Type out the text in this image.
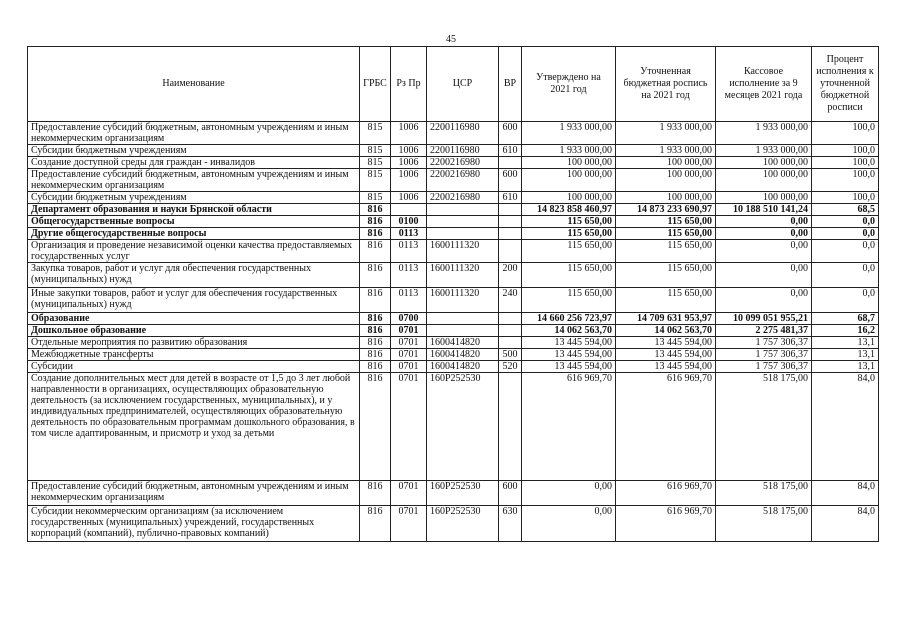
45
Наименование	ГРБС	Рз Пр	ЦСР	ВР	Утверждено на 2021 год	Уточненная бюджетная роспись на 2021 год	Кассовое исполнение за 9 месяцев 2021 года	Процент исполнения к уточненной бюджетной росписи
Предоставление субсидий бюджетным, автономным учреждениям и иным некоммерческим организациям	815	1006	2200116980	600	1 933 000,00	1 933 000,00	1 933 000,00	100,0
Субсидии бюджетным учреждениям	815	1006	2200116980	610	1 933 000,00	1 933 000,00	1 933 000,00	100,0
Создание доступной среды для граждан - инвалидов	815	1006	2200216980		100 000,00	100 000,00	100 000,00	100,0
Предоставление субсидий бюджетным, автономным учреждениям и иным некоммерческим организациям	815	1006	2200216980	600	100 000,00	100 000,00	100 000,00	100,0
Субсидии бюджетным учреждениям	815	1006	2200216980	610	100 000,00	100 000,00	100 000,00	100,0
Департамент образования и науки Брянской области	816				14 823 858 460,97	14 873 233 690,97	10 188 510 141,24	68,5
Общегосударственные вопросы	816	0100			115 650,00	115 650,00	0,00	0,0
Другие общегосударственные вопросы	816	0113			115 650,00	115 650,00	0,00	0,0
Организация и проведение независимой оценки качества предоставляемых государственных услуг	816	0113	1600111320		115 650,00	115 650,00	0,00	0,0
Закупка товаров, работ и услуг для обеспечения государственных (муниципальных) нужд	816	0113	1600111320	200	115 650,00	115 650,00	0,00	0,0
Иные закупки товаров, работ и услуг для обеспечения государственных (муниципальных) нужд	816	0113	1600111320	240	115 650,00	115 650,00	0,00	0,0
Образование	816	0700			14 660 256 723,97	14 709 631 953,97	10 099 051 955,21	68,7
Дошкольное образование	816	0701			14 062 563,70	14 062 563,70	2 275 481,37	16,2
Отдельные мероприятия по развитию образования	816	0701	1600414820		13 445 594,00	13 445 594,00	1 757 306,37	13,1
Межбюджетные трансферты	816	0701	1600414820	500	13 445 594,00	13 445 594,00	1 757 306,37	13,1
Субсидии	816	0701	1600414820	520	13 445 594,00	13 445 594,00	1 757 306,37	13,1
Создание дополнительных мест для детей в возрасте от 1,5 до 3 лет любой направленности в организациях, осуществляющих образовательную деятельность (за исключением государственных, муниципальных), и у индивидуальных предпринимателей, осуществляющих образовательную деятельность по образовательным программам дошкольного образования, в том числе адаптированным, и присмотр и уход за детьми	816	0701	160P252530		616 969,70	616 969,70	518 175,00	84,0
Предоставление субсидий бюджетным, автономным учреждениям и иным некоммерческим организациям	816	0701	160P252530	600	0,00	616 969,70	518 175,00	84,0
Субсидии некоммерческим организациям (за исключением государственных (муниципальных) учреждений, государственных корпораций (компаний), публично-правовых компаний)	816	0701	160P252530	630	0,00	616 969,70	518 175,00	84,0
